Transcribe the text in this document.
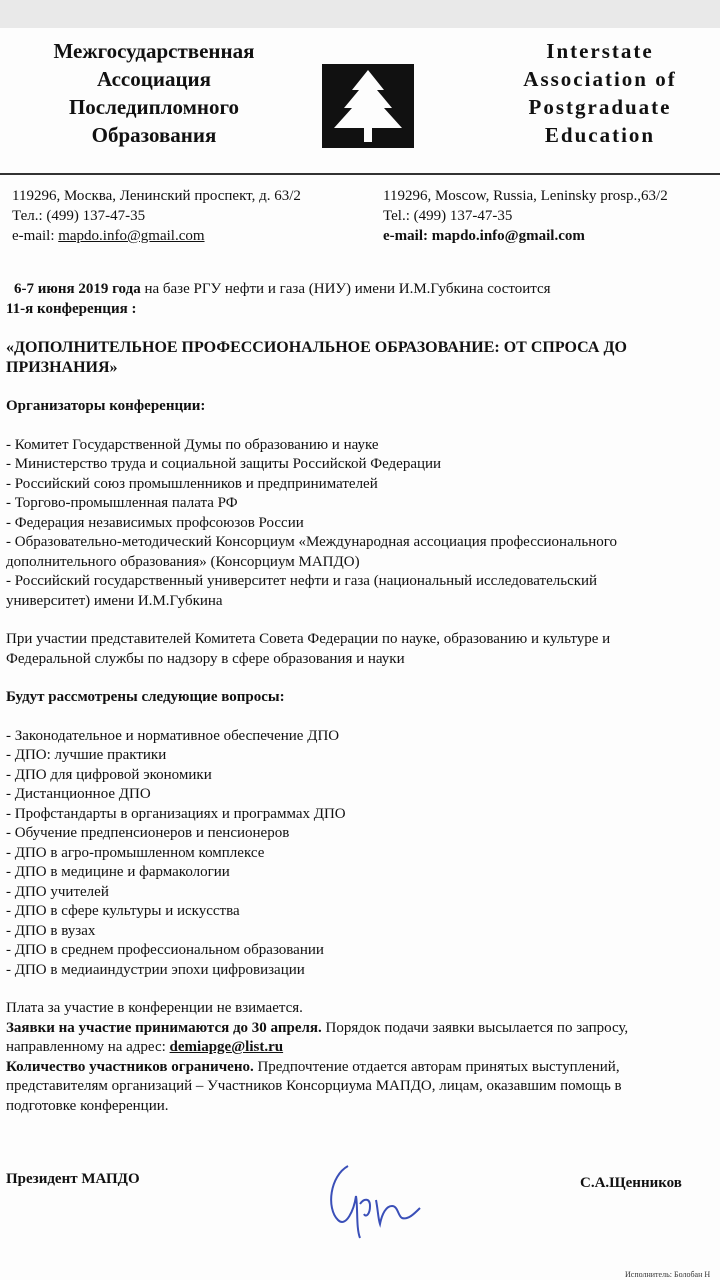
Межгосударственная
Ассоциация
Последипломного
Образования
Interstate
Association of
Postgraduate
Education
119296, Москва, Ленинский проспект, д. 63/2
Тел.: (499) 137-47-35
e-mail: mapdo.info@gmail.com
119296, Moscow, Russia, Leninsky prosp.,63/2
Tel.: (499) 137-47-35
e-mail: mapdo.info@gmail.com

6-7 июня 2019 года на базе РГУ нефти и газа (НИУ) имени И.М.Губкина состоится

11-я конференция :

«ДОПОЛНИТЕЛЬНОЕ ПРОФЕССИОНАЛЬНОЕ ОБРАЗОВАНИЕ: ОТ СПРОСА ДО
ПРИЗНАНИЯ»

Организаторы конференции:

- Комитет Государственной Думы по образованию и науке

- Министерство труда и социальной защиты Российской Федерации

- Российский союз промышленников и предпринимателей

- Торгово-промышленная палата РФ

- Федерация независимых профсоюзов России

- Образовательно-методический Консорциум «Международная ассоциация профессионального

дополнительного образования» (Консорциум МАПДО)

- Российский государственный университет нефти и газа (национальный исследовательский

университет) имени И.М.Губкина

При участии представителей Комитета Совета Федерации по науке, образованию и культуре и

Федеральной службы по надзору в сфере образования и науки

Будут рассмотрены следующие вопросы:

- Законодательное и нормативное обеспечение ДПО

- ДПО: лучшие практики

- ДПО для цифровой экономики

- Дистанционное ДПО

- Профстандарты в организациях и программах ДПО

- Обучение предпенсионеров и пенсионеров

- ДПО в агро-промышленном комплексе

- ДПО в медицине и фармакологии

- ДПО учителей

- ДПО в сфере культуры и искусства

- ДПО в вузах

- ДПО в среднем профессиональном образовании

- ДПО в медиаиндустрии эпохи цифровизации

Плата за участие в конференции не взимается.

Заявки на участие принимаются до 30 апреля. Порядок подачи заявки высылается по запросу,

направленному на адрес: demiapge@list.ru

Количество участников ограничено. Предпочтение отдается авторам принятых выступлений,

представителям организаций – Участников Консорциума МАПДО, лицам, оказавшим помощь в

подготовке конференции.

Президент МАПДО	С.А.Щенников
Исполнитель: Болобан Н
